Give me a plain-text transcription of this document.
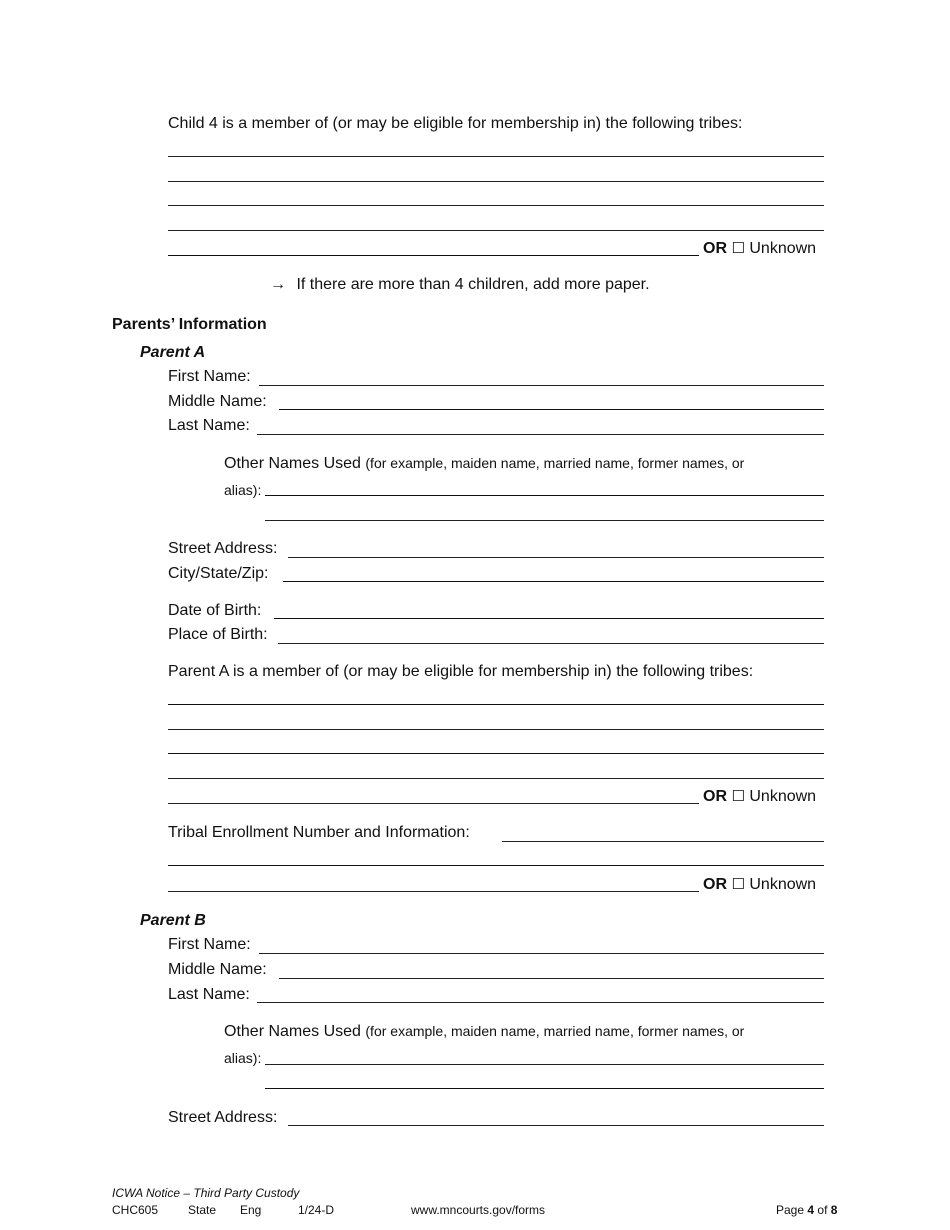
Child 4 is a member of (or may be eligible for membership in) the following tribes:
OR ☐ Unknown
→ If there are more than 4 children, add more paper.
Parents’ Information
Parent A
First Name:
Middle Name:
Last Name:
Other Names Used (for example, maiden name, married name, former names, or
alias):
Street Address:
City/State/Zip:
Date of Birth:
Place of Birth:
Parent A is a member of (or may be eligible for membership in) the following tribes:
OR ☐ Unknown
Tribal Enrollment Number and Information:
OR ☐ Unknown
Parent B
First Name:
Middle Name:
Last Name:
Other Names Used (for example, maiden name, married name, former names, or
alias):
Street Address:
ICWA Notice – Third Party Custody
CHC605 State Eng	1/24-D	www.mncourts.gov/forms	Page 4 of 8
